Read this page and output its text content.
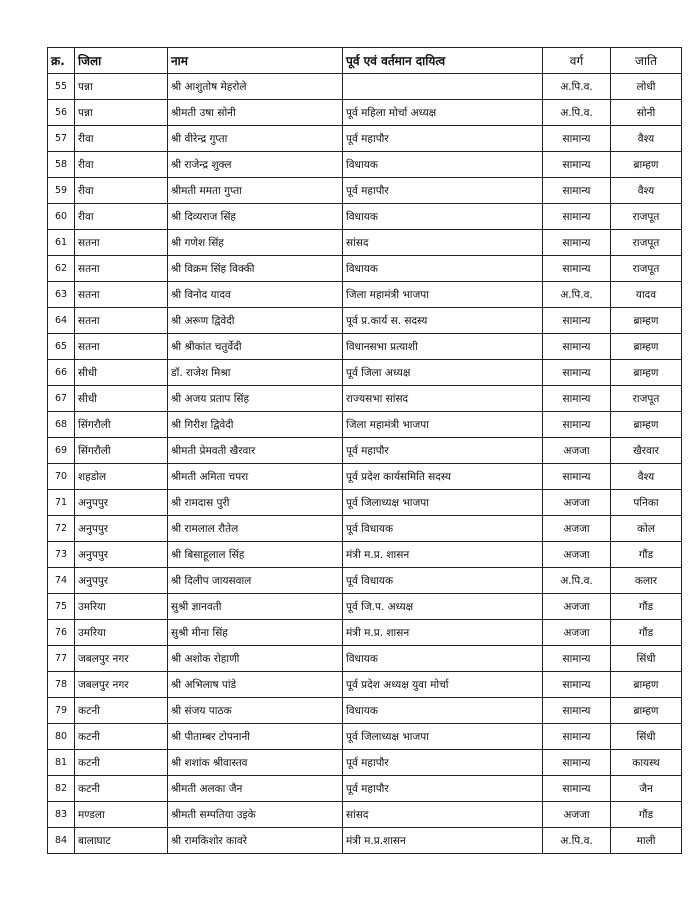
क्र.	जिला	नाम	पूर्व एवं वर्तमान दायित्व	वर्ग	जाति
55	पन्ना	श्री आशुतोष मेहरोले		अ.पि.व.	लोधी
56	पन्ना	श्रीमती उषा सोनी	पूर्व महिला मोर्चा अध्यक्ष	अ.पि.व.	सोनी
57	रीवा	श्री वीरेन्द्र गुप्ता	पूर्व महापौर	सामान्य	वैश्य
58	रीवा	श्री राजेन्द्र शुक्ल	विधायक	सामान्य	ब्राम्हण
59	रीवा	श्रीमती ममता गुप्ता	पूर्व महापौर	सामान्य	वैश्य
60	रीवा	श्री दिव्यराज सिंह	विधायक	सामान्य	राजपूत
61	सतना	श्री गणेश सिंह	सांसद	सामान्य	राजपूत
62	सतना	श्री विक्रम सिंह विक्की	विधायक	सामान्य	राजपूत
63	सतना	श्री विनोद यादव	जिला महामंत्री भाजपा	अ.पि.व.	यादव
64	सतना	श्री अरूण द्विवेदी	पूर्व प्र.कार्य स. सदस्य	सामान्य	ब्राम्हण
65	सतना	श्री श्रीकांत चतुर्वेदी	विधानसभा प्रत्याशी	सामान्य	ब्राम्हण
66	सीधी	डॉ. राजेश मिश्रा	पूर्व जिला अध्यक्ष	सामान्य	ब्राम्हण
67	सीधी	श्री अजय प्रताप सिंह	राज्यसभा सांसद	सामान्य	राजपूत
68	सिंगरौली	श्री गिरीश द्विवेदी	जिला महामंत्री भाजपा	सामान्य	ब्राम्हण
69	सिंगरौली	श्रीमती प्रेमवती खैरवार	पूर्व महापौर	अजजा	खैरवार
70	शहडोल	श्रीमती अमिता चपरा	पूर्व प्रदेश कार्यसमिति सदस्य	सामान्य	वैश्य
71	अनुपपुर	श्री रामदास पुरी	पूर्व जिलाध्यक्ष भाजपा	अजजा	पनिका
72	अनुपपुर	श्री रामलाल रौतेल	पूर्व विधायक	अजजा	कोल
73	अनुपपुर	श्री बिसाहूलाल सिंह	मंत्री म.प्र. शासन	अजजा	गौंड
74	अनुपपुर	श्री दिलीप जायसवाल	पूर्व विधायक	अ.पि.व.	कलार
75	उमरिया	सुश्री ज्ञानवती	पूर्व जि.प. अध्यक्ष	अजजा	गौंड
76	उमरिया	सुश्री मीना सिंह	मंत्री म.प्र. शासन	अजजा	गौंड
77	जबलपुर नगर	श्री अशोक रोहाणी	विधायक	सामान्य	सिंधी
78	जबलपुर नगर	श्री अभिलाष पांडे	पूर्व प्रदेश अध्यक्ष युवा मोर्चा	सामान्य	ब्राम्हण
79	कटनी	श्री संजय पाठक	विधायक	सामान्य	ब्राम्हण
80	कटनी	श्री पीताम्बर टोपनानी	पूर्व जिलाध्यक्ष भाजपा	सामान्य	सिंधी
81	कटनी	श्री शशांक श्रीवास्तव	पूर्व महापौर	सामान्य	कायस्थ
82	कटनी	श्रीमती अलका जैन	पूर्व महापौर	सामान्य	जैन
83	मण्डला	श्रीमती सम्पतिया उइके	सांसद	अजजा	गौंड
84	बालाघाट	श्री रामकिशोर कावरे	मंत्री म.प्र.शासन	अ.पि.व.	माली
